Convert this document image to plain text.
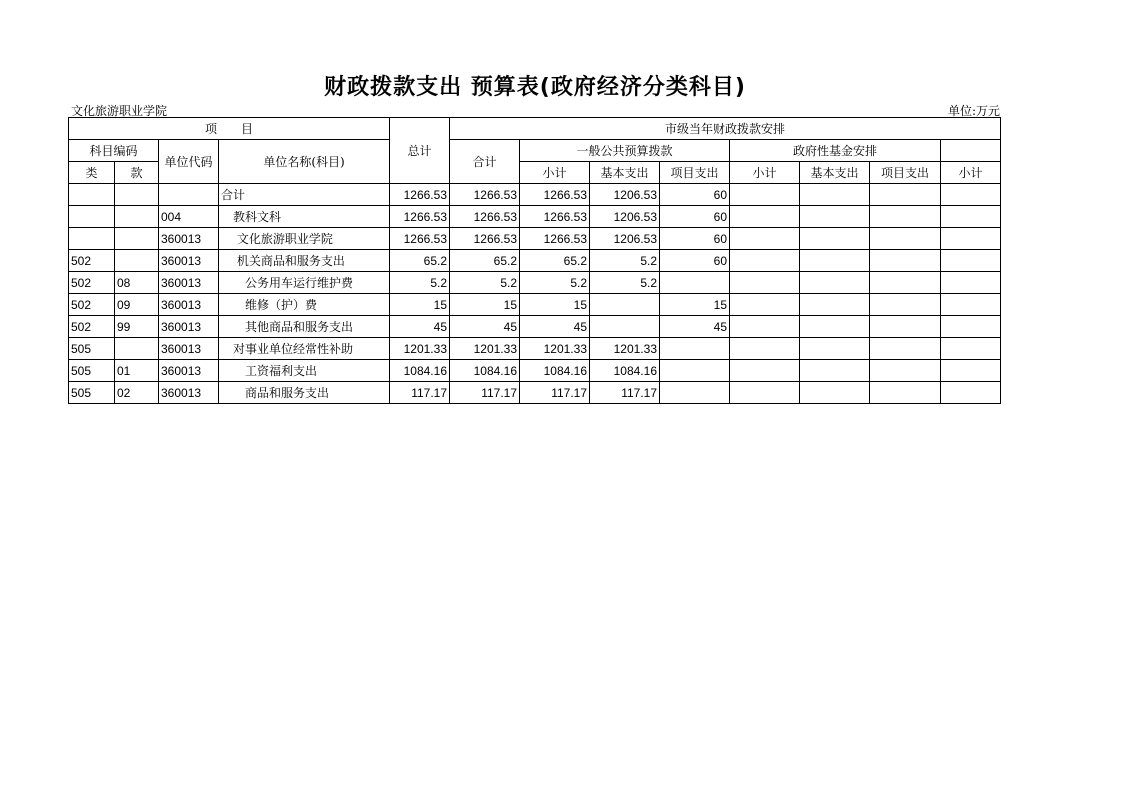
财政拨款支出 预算表(政府经济分类科目)
文化旅游职业学院	单位:万元
项　　目				总计	市级当年财政拨款安排							
科目编码		单位代码	单位名称(科目)		合计	一般公共预算拨款			政府性基金安排			
类	款					小计	基本支出	项目支出	小计	基本支出	项目支出	小计
			合计	1266.53	1266.53	1266.53	1206.53	60				
		004	　教科文科	1266.53	1266.53	1266.53	1206.53	60				
		360013	　 文化旅游职业学院	1266.53	1266.53	1266.53	1206.53	60				
502		360013	　 机关商品和服务支出	65.2	65.2	65.2	5.2	60				
502	08	360013	　　公务用车运行维护费	5.2	5.2	5.2	5.2					
502	09	360013	　　维修（护）费	15	15	15		15				
502	99	360013	　　其他商品和服务支出	45	45	45		45				
505		360013	　对事业单位经常性补助	1201.33	1201.33	1201.33	1201.33					
505	01	360013	　　工资福利支出	1084.16	1084.16	1084.16	1084.16					
505	02	360013	　　商品和服务支出	117.17	117.17	117.17	117.17					
